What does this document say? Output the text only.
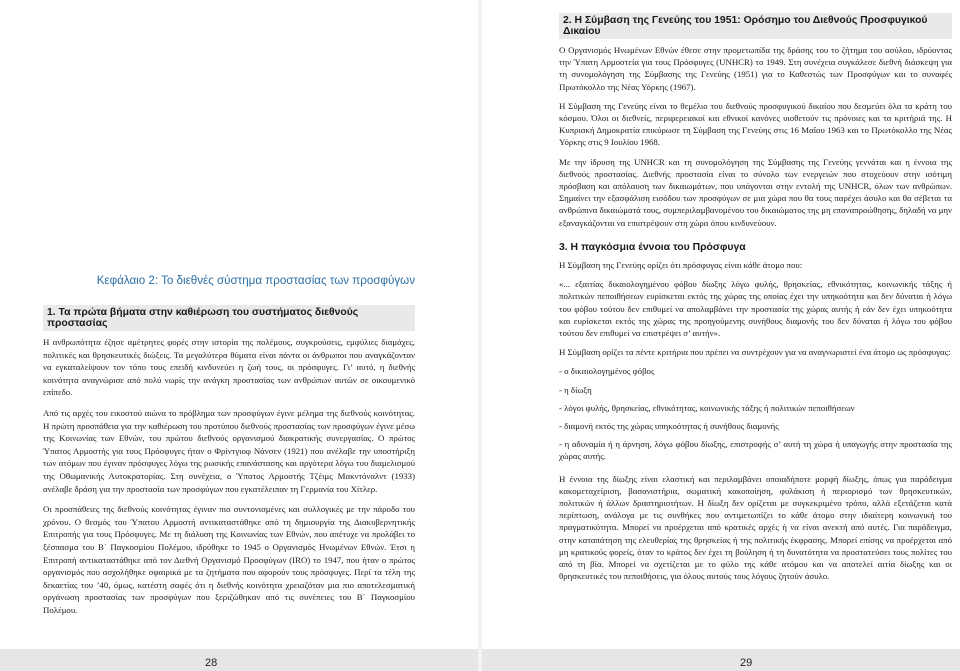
Κεφάλαιο 2: Το διεθνές σύστημα προστασίας των προσφύγων
1. Τα πρώτα βήματα στην καθιέρωση του συστήματος διεθνούς προστασίας

Η ανθρωπότητα έζησε αμέτρητες φορές στην ιστορία της πολέμους, συγκρούσεις, εμφύλιες διαμάχες, πολιτικές και θρησκευτικές διώξεις. Τα μεγαλύτερα θύματα είναι πάντα οι άνθρωποι που αναγκάζονταν να εγκαταλείψουν τον τόπο τους επειδή κινδυνεύει η ζωή τους, οι πρόσφυγες. Γι’ αυτό, η διεθνής κοινότητα αναγνώρισε από πολύ νωρίς την ανάγκη προστασίας των ανθρώπων αυτών σε οικουμενικό επίπεδο.

Από τις αρχές του εικοστού αιώνα το πρόβλημα των προσφύγων έγινε μέλημα της διεθνούς κοινότητας. Η πρώτη προσπάθεια για την καθιέρωση του προτύπου διεθνούς προστασίας των προσφύγων έγινε μέσω της Κοινωνίας των Εθνών, του πρώτου διεθνούς οργανισμού διακρατικής συνεργασίας. Ο πρώτος Ύπατος Αρμοστής για τους Πρόσφυγες ήταν ο Φρίντγιοφ Νάνσεν (1921) που ανέλαβε την υποστήριξη των ατόμων που έγιναν πρόσφυγες λόγω της ρωσικής επανάστασης και αργότερα λόγω του διαμελισμού της Οθωμανικής Αυτοκρατορίας. Στη συνέχεια, ο Ύπατος Αρμοστής Τζέιμς Μακντόναλντ (1933) ανέλαβε δράση για την προστασία των προσφύγων που εγκατέλειπαν τη Γερμανία του Χίτλερ.

Οι προσπάθειες της διεθνούς κοινότητας έγιναν πιο συντονισμένες και συλλογικές με την πάροδο του χρόνου. Ο θεσμός του Ύπατου Αρμοστή αντικαταστάθηκε από τη δημιουργία της Διακυβερνητικής Επιτροπής για τους Πρόσφυγες. Με τη διάλυση της Κοινωνίας των Εθνών, που απέτυχε να προλάβει το ξέσπασμα του Β΄ Παγκοσμίου Πολέμου, ιδρύθηκε το 1945 ο Οργανισμός Ηνωμένων Εθνών. Έτσι η Επιτροπή αντικαταστάθηκε από τον Διεθνή Οργανισμό Προσφύγων (IRO) το 1947, που ήταν ο πρώτος οργανισμός που ασχολήθηκε σφαιρικά με τα ζητήματα που αφορούν τους πρόσφυγες. Περί τα τέλη της δεκαετίας του ’40, όμως, κατέστη σαφές ότι η διεθνής κοινότητα χρειαζόταν μια πιο αποτελεσματική οργάνωση προστασίας των προσφύγων που ξεριζώθηκαν από τις συνέπειες του Β΄ Παγκοσμίου Πολέμου.

28
2. Η Σύμβαση της Γενεύης του 1951: Ορόσημο του Διεθνούς Προσφυγικού Δικαίου

Ο Οργανισμός Ηνωμένων Εθνών έθεσε στην προμετωπίδα της δράσης του το ζήτημα του ασύλου, ιδρύοντας την Ύπατη Αρμοστεία για τους Πρόσφυγες (UNHCR) το 1949. Στη συνέχεια συγκάλεσε διεθνή διάσκεψη για τη συνομολόγηση της Σύμβασης της Γενεύης (1951) για το Καθεστώς των Προσφύγων και το συναφές Πρωτόκολλο της Νέας Υόρκης (1967).

Η Σύμβαση της Γενεύης είναι το θεμέλιο του διεθνούς προσφυγικού δικαίου που δεσμεύει όλα τα κράτη του κόσμου. Όλοι οι διεθνείς, περιφερειακοί και εθνικοί κανόνες υιοθετούν τις πρόνοιες και τα κριτήριά της. Η Κυπριακή Δημοκρατία επικύρωσε τη Σύμβαση της Γενεύης στις 16 Μαΐου 1963 και το Πρωτόκολλο της Νέας Υόρκης στις 9 Ιουλίου 1968.

Με την ίδρυση της UNHCR και τη συνομολόγηση της Σύμβασης της Γενεύης γεννάται και η έννοια της διεθνούς προστασίας. Διεθνής προστασία είναι το σύνολο των ενεργειών που στοχεύουν στην ισότιμη πρόσβαση και απόλαυση των δικαιωμάτων, που υπάγονται στην εντολή της UNHCR, όλων των ανθρώπων. Σημαίνει την εξασφάλιση εισόδου των προσφύγων σε μια χώρα που θα τους παρέχει άσυλο και θα σέβεται τα ανθρώπινα δικαιώματά τους, συμπεριλαμβανομένου του δικαιώματος της μη επαναπροώθησης, δηλαδή να μην εξαναγκάζονται να επιστρέψουν στη χώρα όπου κινδυνεύουν.

3. Η παγκόσμια έννοια του Πρόσφυγα

Η Σύμβαση της Γενεύης ορίζει ότι πρόσφυγας είναι κάθε άτομο που:

«... εξαιτίας δικαιολογημένου φόβου δίωξης λόγω φυλής, θρησκείας, εθνικότητας, κοινωνικής τάξης ή πολιτικών πεποιθήσεων ευρίσκεται εκτός της χώρας της οποίας έχει την υπηκοότητα και δεν δύναται ή λόγω του φόβου τούτου δεν επιθυμεί να απολαμβάνει την προστασία της χώρας αυτής ή εάν δεν έχει υπηκοότητα και ευρίσκεται εκτός της χώρας της προηγούμενης συνήθους διαμονής του δεν δύναται ή λόγω του φόβου τούτου δεν επιθυμεί να επιστρέψει σ’ αυτήν».

Η Σύμβαση ορίζει τα πέντε κριτήρια που πρέπει να συντρέχουν για να αναγνωριστεί ένα άτομο ως πρόσφυγας:

- ο δικαιολογημένος φόβος
- η δίωξη
- λόγοι φυλής, θρησκείας, εθνικότητας, κοινωνικής τάξης ή πολιτικών πεποιθήσεων
- διαμονή εκτός της χώρας υπηκοότητας ή συνήθους διαμονής
- η αδυναμία ή η άρνηση, λόγω φόβου δίωξης, επιστροφής σ’ αυτή τη χώρα ή υπαγωγής στην προστασία της χώρας αυτής.

Η έννοια της δίωξης είναι ελαστική και περιλαμβάνει οποιαδήποτε μορφή δίωξης, όπως για παράδειγμα κακομεταχείριση, βασανιστήρια, σωματική κακοποίηση, φυλάκιση ή περιορισμό των θρησκευτικών, πολιτικών ή άλλων δραστηριοτήτων. Η δίωξη δεν ορίζεται με συγκεκριμένο τρόπο, αλλά εξετάζεται κατά περίπτωση, ανάλογα με τις συνθήκες που αντιμετωπίζει το κάθε άτομο στην ιδιαίτερη κοινωνική του πραγματικότητα. Μπορεί να προέρχεται από κρατικές αρχές ή να είναι ανεκτή από αυτές. Για παράδειγμα, στην καταπάτηση της ελευθερίας της θρησκείας ή της πολιτικής έκφρασης. Μπορεί επίσης να προέρχεται από μη κρατικούς φορείς, όταν το κράτος δεν έχει τη βούληση ή τη δυνατότητα να προστατεύσει τους πολίτες του από τη βία. Μπορεί να σχετίζεται με το φύλο της κάθε ατόμου και να αποτελεί αιτία δίωξης και οι θρησκευτικές του πεποιθήσεις, για όλους αυτούς τους λόγους ζητούν άσυλο.

29
